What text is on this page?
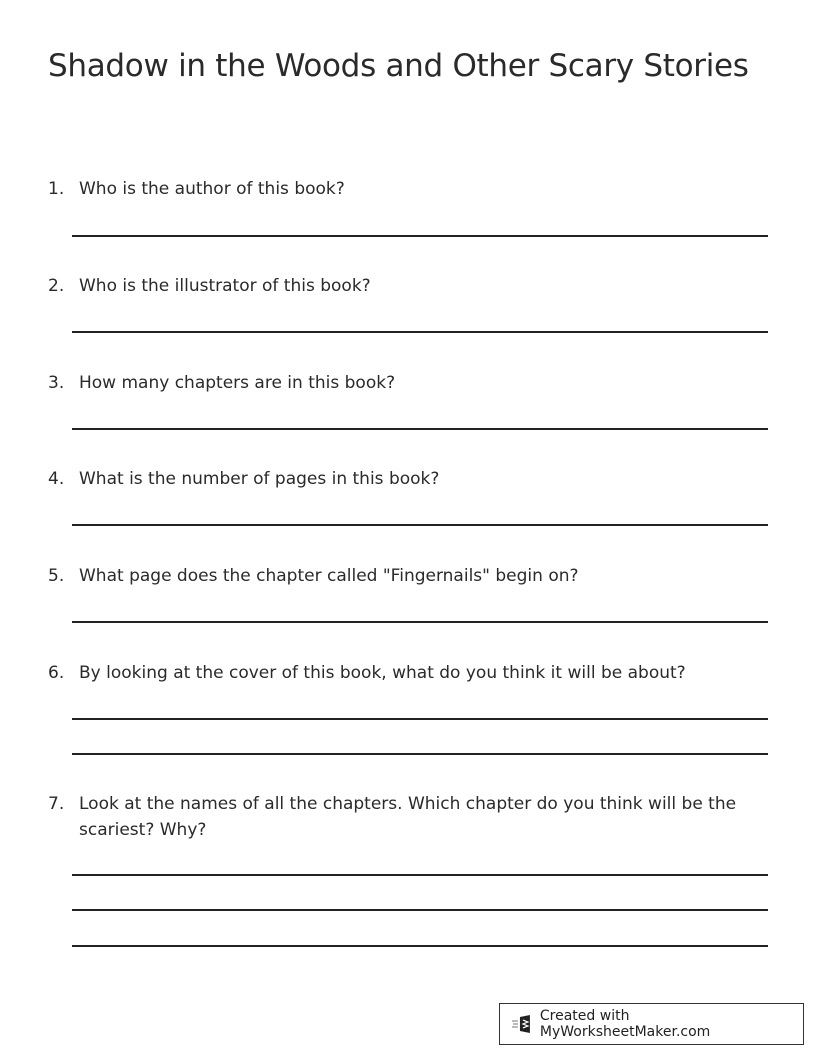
Shadow in the Woods and Other Scary Stories
1. Who is the author of this book?
2. Who is the illustrator of this book?
3. How many chapters are in this book?
4. What is the number of pages in this book?
5. What page does the chapter called "Fingernails" begin on?
6. By looking at the cover of this book, what do you think it will be about?
7. Look at the names of all the chapters. Which chapter do you think will be the scariest? Why?
Created with MyWorksheetMaker.com
